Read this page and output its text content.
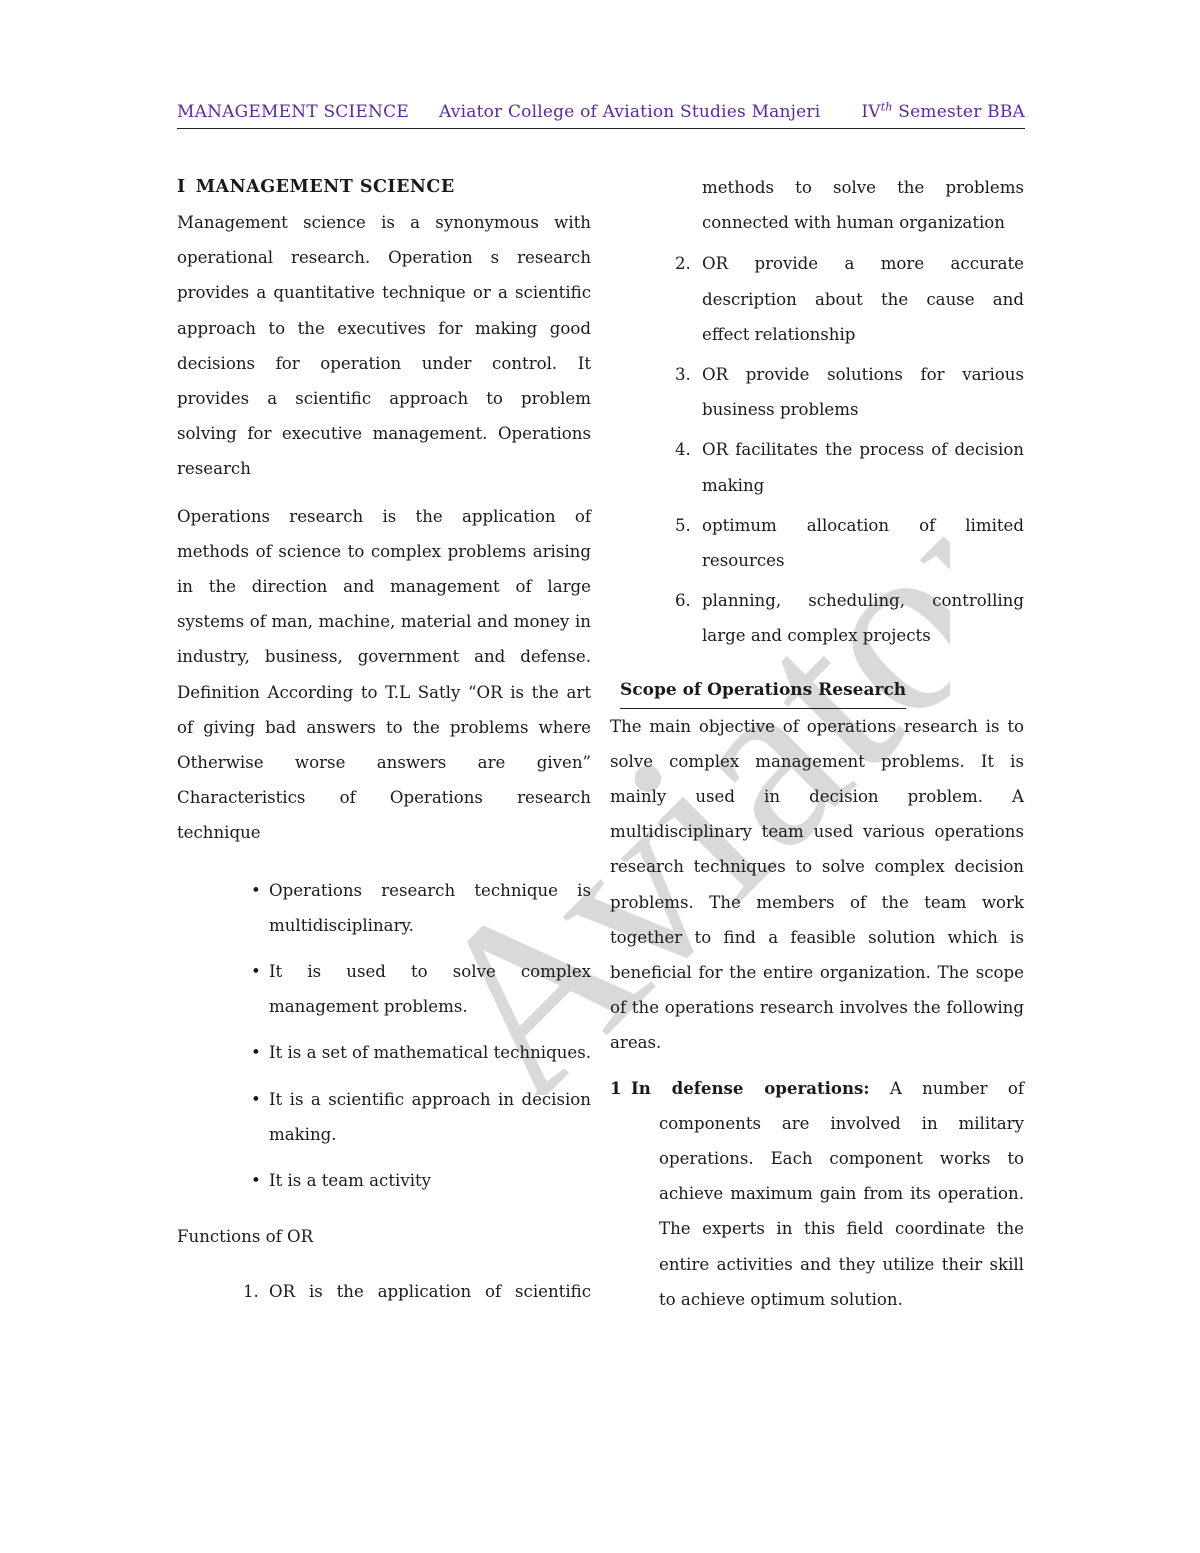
Aviator
MANAGEMENT SCIENCE Aviator College of Aviation Studies Manjeri IVth Semester BBA
I MANAGEMENT SCIENCE

Management science is a synonymous with operational research. Operation s research provides a quantitative technique or a scientific approach to the executives for making good decisions for operation under control. It provides a scientific approach to problem solving for executive management. Operations research

Operations research is the application of methods of science to complex problems arising in the direction and management of large systems of man, machine, material and money in industry, business, government and defense. Definition According to T.L Satly “OR is the art of giving bad answers to the problems where Otherwise worse answers are given” Characteristics of Operations research technique

• Operations research technique is multidisciplinary.
• It is used to solve complex management problems.
• It is a set of mathematical techniques.
• It is a scientific approach in decision making.
• It is a team activity

Functions of OR

1. OR is the application of scientific
methods to solve the problems connected with human organization
2. OR provide a more accurate description about the cause and effect relationship
3. OR provide solutions for various business problems
4. OR facilitates the process of decision making
5. optimum allocation of limited resources
6. planning, scheduling, controlling large and complex projects
Scope of Operations Research

The main objective of operations research is to solve complex management problems. It is mainly used in decision problem. A multidisciplinary team used various operations research techniques to solve complex decision problems. The members of the team work together to find a feasible solution which is beneficial for the entire organization. The scope of the operations research involves the following areas.

1 In defense operations: A number of components are involved in military operations. Each component works to achieve maximum gain from its operation. The experts in this field coordinate the entire activities and they utilize their skill to achieve optimum solution.
